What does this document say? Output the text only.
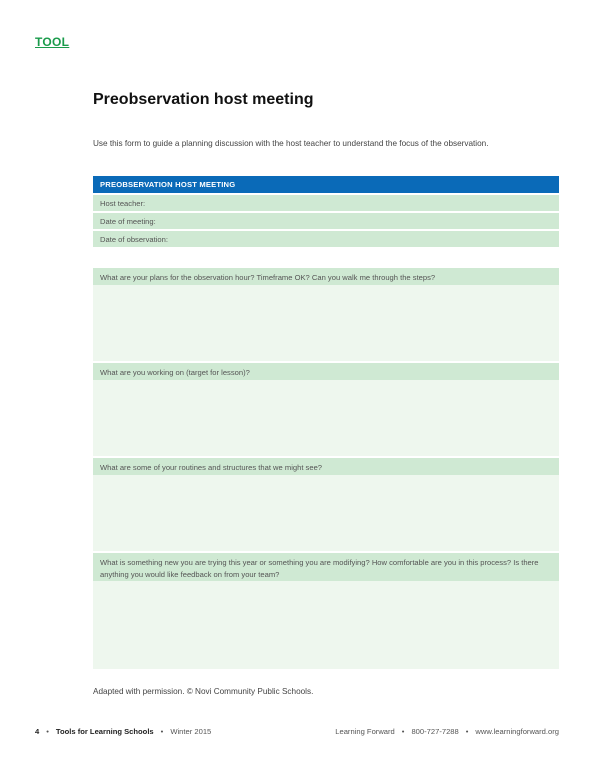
TOOL
Preobservation host meeting
Use this form to guide a planning discussion with the host teacher to understand the focus of the observation.
PREOBSERVATION HOST MEETING
Host teacher:
Date of meeting:
Date of observation:
What are your plans for the observation hour? Timeframe OK? Can you walk me through the steps?
What are you working on (target for lesson)?
What are some of your routines and structures that we might see?
What is something new you are trying this year or something you are modifying? How comfortable are you in this process? Is there anything you would like feedback on from your team?
Adapted with permission. © Novi Community Public Schools.
4 • Tools for Learning Schools • Winter 2015	Learning Forward • 800-727-7288 • www.learningforward.org
